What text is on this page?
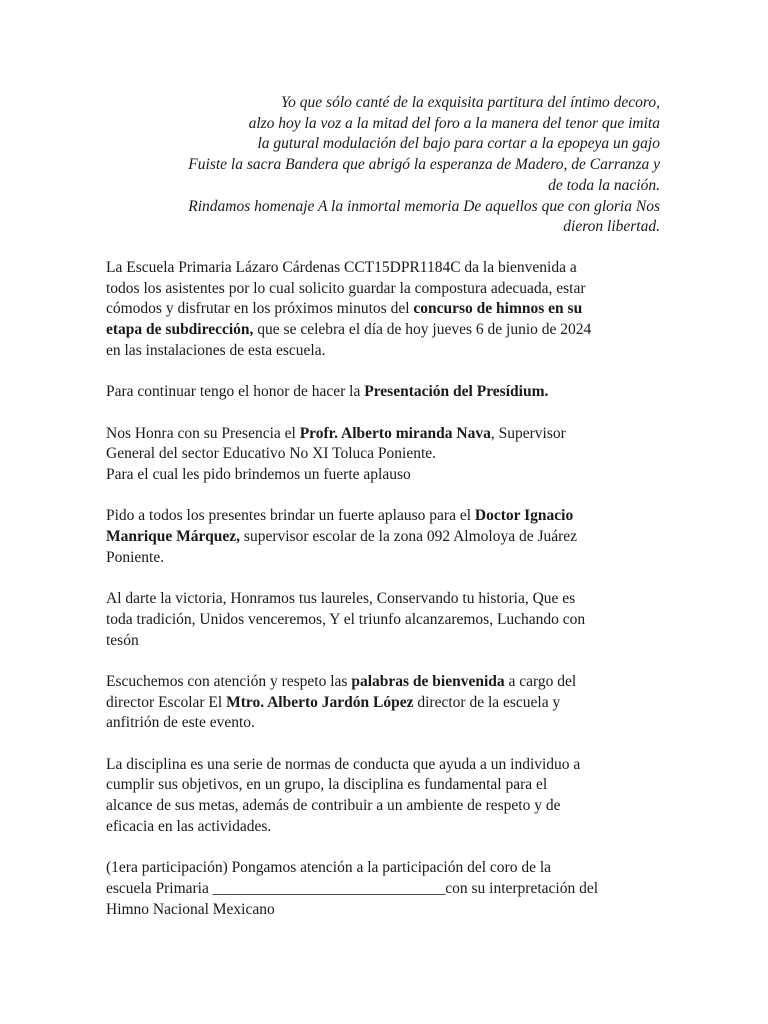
Yo que sólo canté de la exquisita partitura del íntimo decoro,
alzo hoy la voz a la mitad del foro a la manera del tenor que imita
la gutural modulación del bajo para cortar a la epopeya un gajo
Fuiste la sacra Bandera que abrigó la esperanza de Madero, de Carranza y
de toda la nación.
Rindamos homenaje A la inmortal memoria De aquellos que con gloria Nos
dieron libertad.

La Escuela Primaria Lázaro Cárdenas CCT15DPR1184C da la bienvenida a
todos los asistentes por lo cual solicito guardar la compostura adecuada, estar
cómodos y disfrutar en los próximos minutos del concurso de himnos en su
etapa de subdirección, que se celebra el día de hoy jueves 6 de junio de 2024
en las instalaciones de esta escuela.

Para continuar tengo el honor de hacer la Presentación del Presídium.

Nos Honra con su Presencia el Profr. Alberto miranda Nava, Supervisor
General del sector Educativo No XI Toluca Poniente.
Para el cual les pido brindemos un fuerte aplauso

Pido a todos los presentes brindar un fuerte aplauso para el Doctor Ignacio
Manrique Márquez, supervisor escolar de la zona 092 Almoloya de Juárez
Poniente.

Al darte la victoria, Honramos tus laureles, Conservando tu historia, Que es
toda tradición, Unidos venceremos, Y el triunfo alcanzaremos, Luchando con
tesón

Escuchemos con atención y respeto las palabras de bienvenida a cargo del
director Escolar El Mtro. Alberto Jardón López director de la escuela y
anfitrión de este evento.

La disciplina es una serie de normas de conducta que ayuda a un individuo a
cumplir sus objetivos, en un grupo, la disciplina es fundamental para el
alcance de sus metas, además de contribuir a un ambiente de respeto y de
eficacia en las actividades.

(1era participación) Pongamos atención a la participación del coro de la
escuela Primaria ______________________________con su interpretación del
Himno Nacional Mexicano
